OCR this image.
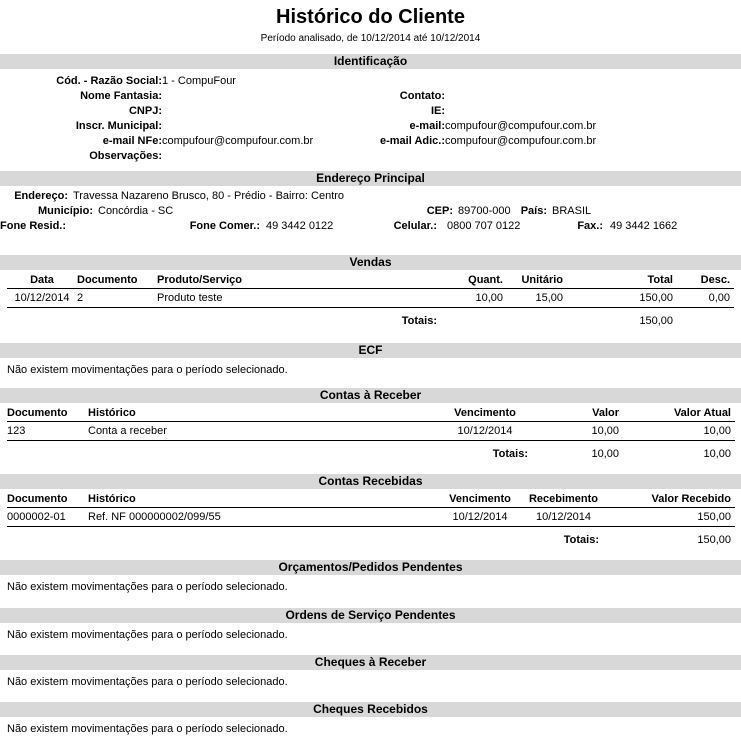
Histórico do Cliente
Período analisado, de 10/12/2014 até 10/12/2014
Identificação
Cód. - Razão Social:	1 - CompuFour		
Nome Fantasia:		Contato:	
CNPJ:		IE:	
Inscr. Municipal:		e-mail:	compufour@compufour.com.br
e-mail NFe:	compufour@compufour.com.br	e-mail Adic.:	compufour@compufour.com.br
Observações:			
Endereço Principal
Endereço: Travessa Nazareno Brusco, 80 - Prédio - Bairro: Centro
Município: Concórdia - SC	CEP: 89700-000 País: BRASIL
Fone Resid.:	Fone Comer.: 49 3442 0122	Celular.: 0800 707 0122	Fax.: 49 3442 1662
Vendas
Data	Documento	Produto/Serviço	Quant.	Unitário	Total	Desc.
10/12/2014	2	Produto teste	10,00	15,00	150,00	0,00
Totais:					150,00	
ECF
Não existem movimentações para o período selecionado.
Contas à Receber
Documento	Histórico	Vencimento	Valor	Valor Atual
123	Conta a receber	10/12/2014	10,00	10,00
Totais:			10,00	10,00
Contas Recebidas
Documento	Histórico	Vencimento	Recebimento	Valor Recebido
0000002-01	Ref. NF 000000002/099/55	10/12/2014	10/12/2014	150,00
Totais:				150,00
Orçamentos/Pedidos Pendentes
Não existem movimentações para o período selecionado.
Ordens de Serviço Pendentes
Não existem movimentações para o período selecionado.
Cheques à Receber
Não existem movimentações para o período selecionado.
Cheques Recebidos
Não existem movimentações para o período selecionado.
